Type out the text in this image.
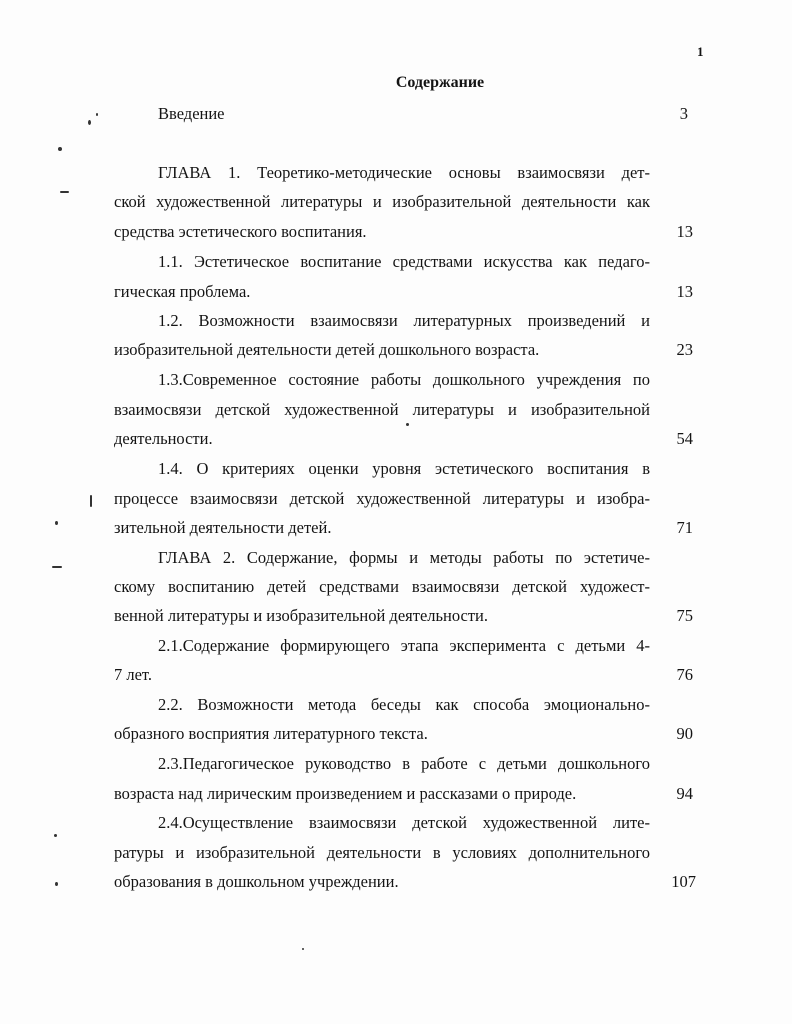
1
Содержание
Введение	3
ГЛАВА 1. Теоретико-методические основы взаимосвязи дет-
ской художественной литературы и изобразительной деятельности как
средства эстетического воспитания.	13
1.1. Эстетическое воспитание средствами искусства как педаго-
гическая проблема.	13
1.2. Возможности взаимосвязи литературных произведений и
изобразительной деятельности детей дошкольного возраста.	23
1.3.Современное состояние работы дошкольного учреждения по
взаимосвязи детской художественной литературы и изобразительной
деятельности.	54
1.4. О критериях оценки уровня эстетического воспитания в
процессе взаимосвязи детской художественной литературы и изобра-
зительной деятельности детей.	71
ГЛАВА 2. Содержание, формы и методы работы по эстетиче-
скому воспитанию детей средствами взаимосвязи детской художест-
венной литературы и изобразительной деятельности.	75
2.1.Содержание формирующего этапа эксперимента с детьми 4-
7 лет.	76
2.2. Возможности метода беседы как способа эмоционально-
образного восприятия литературного текста.	90
2.3.Педагогическое руководство в работе с детьми дошкольного
возраста над лирическим произведением и рассказами о природе.	94
2.4.Осуществление взаимосвязи детской художественной лите-
ратуры и изобразительной деятельности в условиях дополнительного
образования в дошкольном учреждении.	107
